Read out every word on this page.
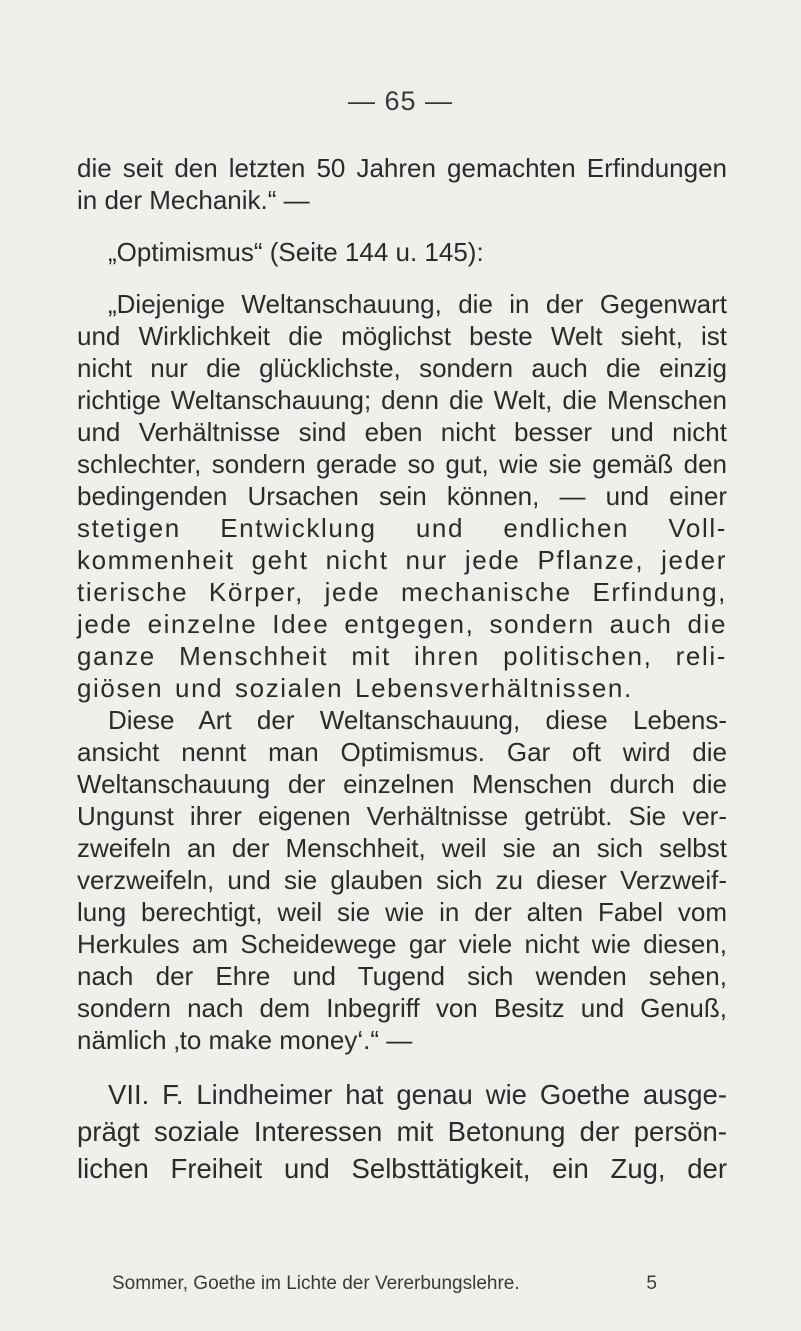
— 65 —
die seit den letzten 50 Jahren gemachten Erfindungen
in der Mechanik.“ —
„Optimismus“ (Seite 144 u. 145):
„Diejenige Weltanschauung, die in der Gegenwart
und Wirklichkeit die möglichst beste Welt sieht, ist
nicht nur die glücklichste, sondern auch die einzig
richtige Weltanschauung; denn die Welt, die Menschen
und Verhältnisse sind eben nicht besser und nicht
schlechter, sondern gerade so gut, wie sie gemäß den
bedingenden Ursachen sein können, — und einer
stetigen Entwicklung und endlichen Voll-
kommenheit geht nicht nur jede Pflanze, jeder
tierische Körper, jede mechanische Erfindung,
jede einzelne Idee entgegen, sondern auch die
ganze Menschheit mit ihren politischen, reli-
giösen und sozialen Lebensverhältnissen.
Diese Art der Weltanschauung, diese Lebens-
ansicht nennt man Optimismus. Gar oft wird die
Weltanschauung der einzelnen Menschen durch die
Ungunst ihrer eigenen Verhältnisse getrübt. Sie ver-
zweifeln an der Menschheit, weil sie an sich selbst
verzweifeln, und sie glauben sich zu dieser Verzweif-
lung berechtigt, weil sie wie in der alten Fabel vom
Herkules am Scheidewege gar viele nicht wie diesen,
nach der Ehre und Tugend sich wenden sehen,
sondern nach dem Inbegriff von Besitz und Genuß,
nämlich ‚to make money‘.“ —
VII. F. Lindheimer hat genau wie Goethe ausge-
prägt soziale Interessen mit Betonung der persön-
lichen Freiheit und Selbsttätigkeit, ein Zug, der
Sommer, Goethe im Lichte der Vererbungslehre.	5
